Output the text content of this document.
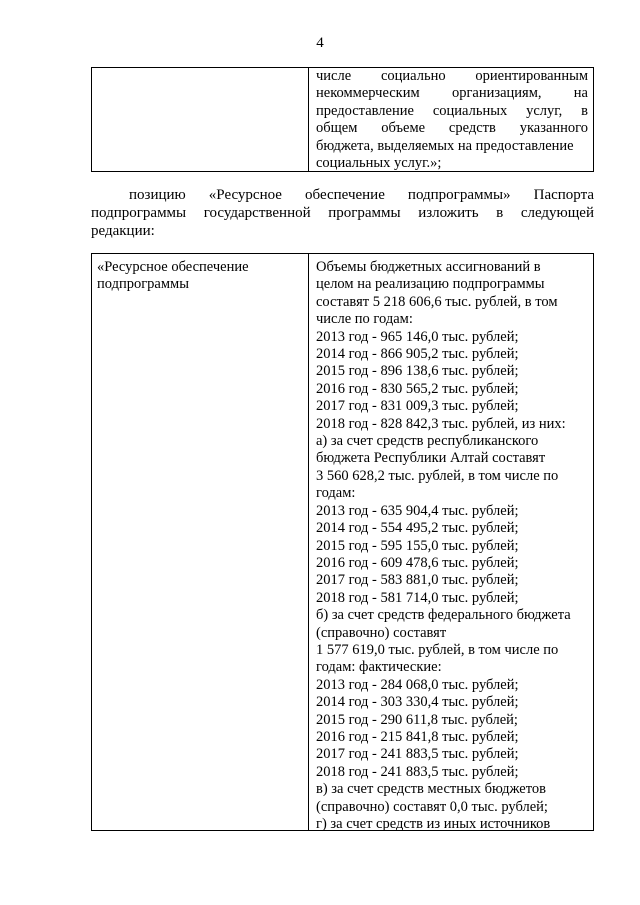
4
числе социально ориентированным
некоммерческим организациям, на
предоставление социальных услуг, в
общем объеме средств указанного
бюджета, выделяемых на предоставление
социальных услуг.»;
позицию «Ресурсное обеспечение подпрограммы» Паспорта
подпрограммы государственной программы изложить в следующей
редакции:
«Ресурсное обеспечение
подпрограммы
Объемы бюджетных ассигнований в
целом на реализацию подпрограммы
составят 5 218 606,6 тыс. рублей, в том
числе по годам:
2013 год - 965 146,0 тыс. рублей;
2014 год - 866 905,2 тыс. рублей;
2015 год - 896 138,6 тыс. рублей;
2016 год - 830 565,2 тыс. рублей;
2017 год - 831 009,3 тыс. рублей;
2018 год - 828 842,3 тыс. рублей, из них:
а) за счет средств республиканского
бюджета Республики Алтай составят
3 560 628,2 тыс. рублей, в том числе по
годам:
2013 год - 635 904,4 тыс. рублей;
2014 год - 554 495,2 тыс. рублей;
2015 год - 595 155,0 тыс. рублей;
2016 год - 609 478,6 тыс. рублей;
2017 год - 583 881,0 тыс. рублей;
2018 год - 581 714,0 тыс. рублей;
б) за счет средств федерального бюджета
(справочно) составят
1 577 619,0 тыс. рублей, в том числе по
годам: фактические:
2013 год - 284 068,0 тыс. рублей;
2014 год - 303 330,4 тыс. рублей;
2015 год - 290 611,8 тыс. рублей;
2016 год - 215 841,8 тыс. рублей;
2017 год - 241 883,5 тыс. рублей;
2018 год - 241 883,5 тыс. рублей;
в) за счет средств местных бюджетов
(справочно) составят 0,0 тыс. рублей;
г) за счет средств из иных источников
